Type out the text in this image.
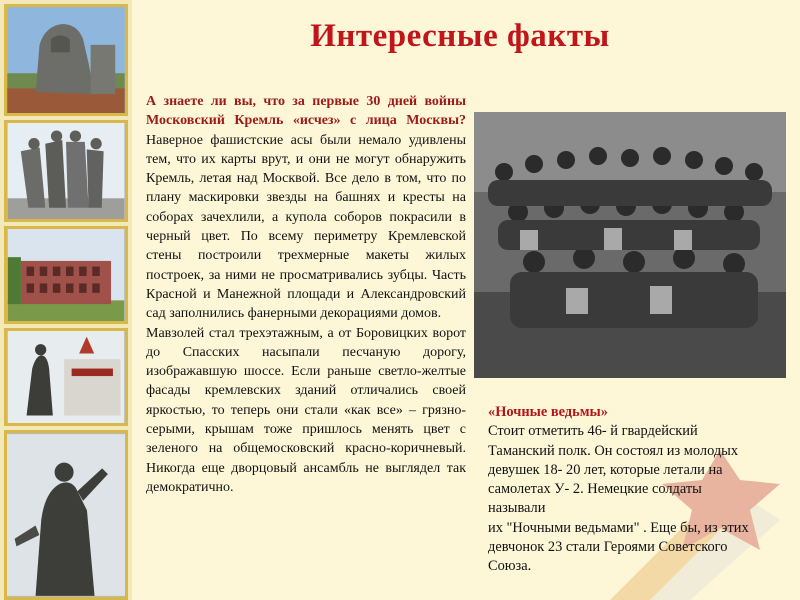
Интересные факты

А знаете ли вы, что за первые 30 дней войны Московский Кремль «исчез» с лица Москвы? Наверное фашистские асы были немало удивлены тем, что их карты врут, и они не могут обнаружить Кремль, летая над Москвой. Все дело в том, что по плану маскировки звезды на башнях и кресты на соборах зачехлили, а купола соборов покрасили в черный цвет. По всему периметру Кремлевской стены построили трехмерные макеты жилых построек, за ними не просматривались зубцы. Часть Красной и Манежной площади и Александровский сад заполнились фанерными декорациями домов.

Мавзолей стал трехэтажным, а от Боровицких ворот до Спасских насыпали песчаную дорогу, изображавшую шоссе. Если раньше светло-желтые фасады кремлевских зданий отличались своей яркостью, то теперь они стали «как все» – грязно-серыми, крышам тоже пришлось менять цвет с зеленого на общемосковский красно-коричневый. Никогда еще дворцовый ансамбль не выглядел так демократично.

«Ночные ведьмы»

Стоит отметить 46- й гвардейский

Таманский полк. Он состоял из молодых

девушек 18- 20 лет, которые летали на

самолетах У- 2. Немецкие солдаты

называли

их "Ночными ведьмами" . Еще бы, из этих

девчонок 23 стали Героями Советского

Союза.
